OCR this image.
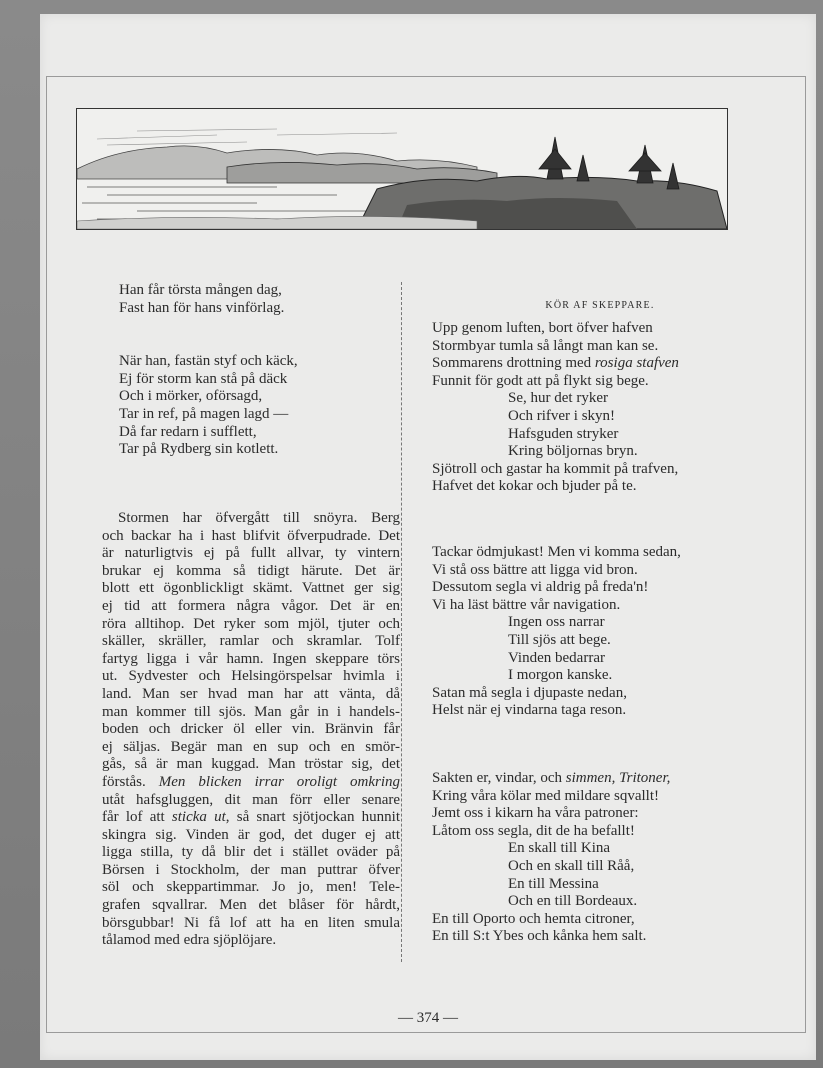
Han får törsta mången dag,
Fast han för hans vinförlag.
När han, fastän styf och käck,
Ej för storm kan stå på däck
Och i mörker, oförsagd,
Tar in ref, på magen lagd —
Då far redarn i sufflett,
Tar på Rydberg sin kotlett.
Stormen har öfvergått till snöyra. Berg
och backar ha i hast blifvit öfverpudrade. Det
är naturligtvis ej på fullt allvar, ty vintern
brukar ej komma så tidigt härute. Det är
blott ett ögonblickligt skämt. Vattnet ger sig
ej tid att formera några vågor. Det är en
röra alltihop. Det ryker som mjöl, tjuter och
skäller, skräller, ramlar och skramlar. Tolf
fartyg ligga i vår hamn. Ingen skeppare törs
ut. Sydvester och Helsingörspelsar hvimla i
land. Man ser hvad man har att vänta, då
man kommer till sjös. Man går in i handels-
boden och dricker öl eller vin. Bränvin får
ej säljas. Begär man en sup och en smör-
gås, så är man kuggad. Man tröstar sig, det
förstås. Men blicken irrar oroligt omkring
utåt hafsgluggen, dit man förr eller senare
får lof att sticka ut, så snart sjötjockan hunnit
skingra sig. Vinden är god, det duger ej att
ligga stilla, ty då blir det i stället oväder på
Börsen i Stockholm, der man puttrar öfver
söl och skeppartimmar. Jo jo, men! Tele-
grafen sqvallrar. Men det blåser för hårdt,
börsgubbar! Ni få lof att ha en liten smula
tålamod med edra sjöplöjare.
KÖR AF SKEPPARE.
Upp genom luften, bort öfver hafven
Stormbyar tumla så långt man kan se.
Sommarens drottning med rosiga stafven
Funnit för godt att på flykt sig bege.
Se, hur det ryker
Och rifver i skyn!
Hafsguden stryker
Kring böljornas bryn.
Sjötroll och gastar ha kommit på trafven,
Hafvet det kokar och bjuder på te.
Tackar ödmjukast! Men vi komma sedan,
Vi stå oss bättre att ligga vid bron.
Dessutom segla vi aldrig på freda'n!
Vi ha läst bättre vår navigation.
Ingen oss narrar
Till sjös att bege.
Vinden bedarrar
I morgon kanske.
Satan må segla i djupaste nedan,
Helst när ej vindarna taga reson.
Sakten er, vindar, och simmen, Tritoner,
Kring våra kölar med mildare sqvallt!
Jemt oss i kikarn ha våra patroner:
Låtom oss segla, dit de ha befallt!
En skall till Kina
Och en skall till Råå,
En till Messina
Och en till Bordeaux.
En till Oporto och hemta citroner,
En till S:t Ybes och kånka hem salt.
— 374 —
